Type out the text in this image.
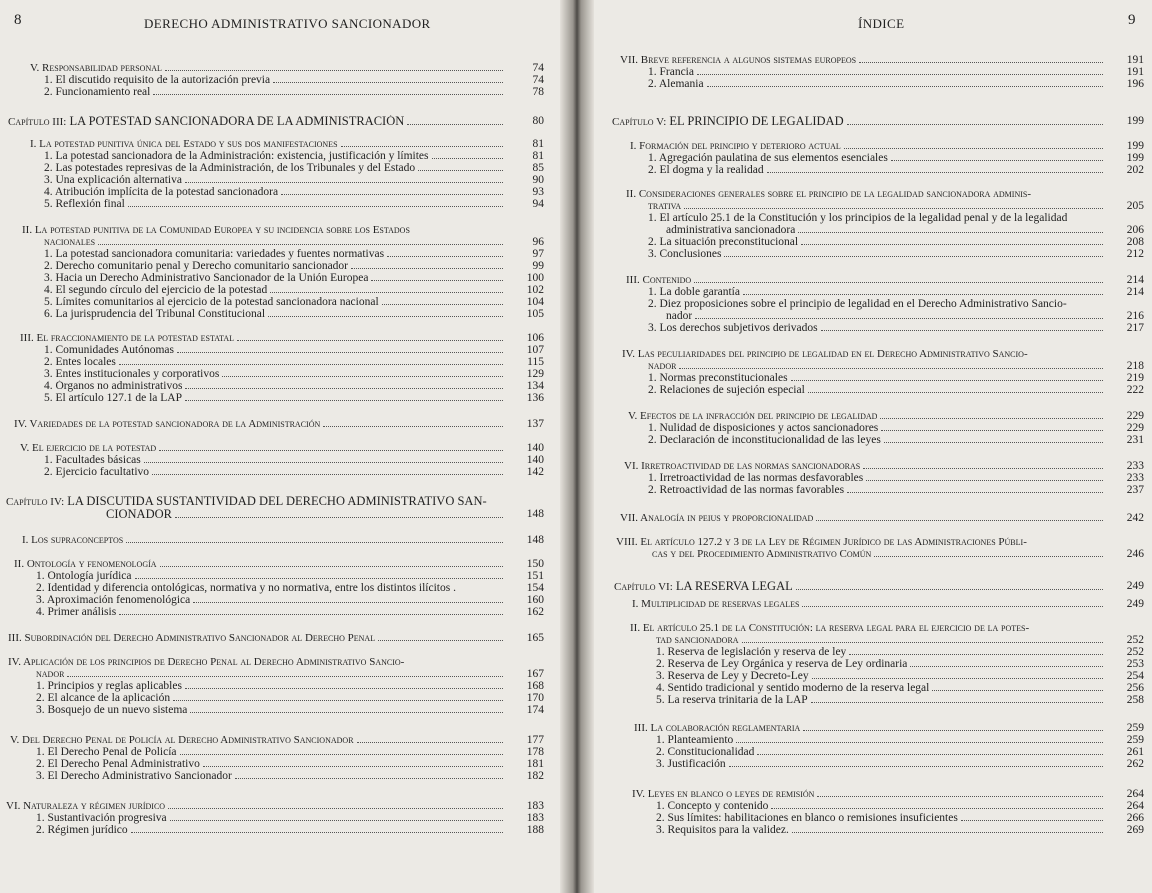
8	DERECHO ADMINISTRATIVO SANCIONADOR
V. Responsabilidad personal	74
1. El discutido requisito de la autorización previa	74
2. Funcionamiento real	78
Capítulo III: LA POTESTAD SANCIONADORA DE LA ADMINISTRACIÓN	80
I. La potestad punitiva única del Estado y sus dos manifestaciones	81
1. La potestad sancionadora de la Administración: existencia, justificación y límites	81
2. Las potestades represivas de la Administración, de los Tribunales y del Estado	85
3. Una explicación alternativa	90
4. Atribución implícita de la potestad sancionadora	93
5. Reflexión final	94
II. La potestad punitiva de la Comunidad Europea y su incidencia sobre los Estados
nacionales	96
1. La potestad sancionadora comunitaria: variedades y fuentes normativas	97
2. Derecho comunitario penal y Derecho comunitario sancionador	99
3. Hacia un Derecho Administrativo Sancionador de la Unión Europea	100
4. El segundo círculo del ejercicio de la potestad	102
5. Límites comunitarios al ejercicio de la potestad sancionadora nacional	104
6. La jurisprudencia del Tribunal Constitucional	105
III. El fraccionamiento de la potestad estatal	106
1. Comunidades Autónomas	107
2. Entes locales	115
3. Entes institucionales y corporativos	129
4. Órganos no administrativos	134
5. El artículo 127.1 de la LAP	136
IV. Variedades de la potestad sancionadora de la Administración	137
V. El ejercicio de la potestad	140
1. Facultades básicas	140
2. Ejercicio facultativo	142
Capítulo IV: LA DISCUTIDA SUSTANTIVIDAD DEL DERECHO ADMINISTRATIVO SAN-
CIONADOR	148
I. Los supraconceptos	148
II. Ontología y fenomenología	150
1. Ontología jurídica	151
2. Identidad y diferencia ontológicas, normativa y no normativa, entre los distintos ilícitos .	154
3. Aproximación fenomenológica	160
4. Primer análisis	162
III. Subordinación del Derecho Administrativo Sancionador al Derecho Penal	165
IV. Aplicación de los principios de Derecho Penal al Derecho Administrativo Sancio-
nador	167
1. Principios y reglas aplicables	168
2. El alcance de la aplicación	170
3. Bosquejo de un nuevo sistema	174
V. Del Derecho Penal de Policía al Derecho Administrativo Sancionador	177
1. El Derecho Penal de Policía	178
2. El Derecho Penal Administrativo	181
3. El Derecho Administrativo Sancionador	182
VI. Naturaleza y régimen jurídico	183
1. Sustantivación progresiva	183
2. Régimen jurídico	188
ÍNDICE	9
VII. Breve referencia a algunos sistemas europeos	191
1. Francia	191
2. Alemania	196
Capítulo V: EL PRINCIPIO DE LEGALIDAD	199
I. Formación del principio y deterioro actual	199
1. Agregación paulatina de sus elementos esenciales	199
2. El dogma y la realidad	202
II. Consideraciones generales sobre el principio de la legalidad sancionadora adminis-
trativa	205
1. El artículo 25.1 de la Constitución y los principios de la legalidad penal y de la legalidad
administrativa sancionadora	206
2. La situación preconstitucional	208
3. Conclusiones	212
III. Contenido	214
1. La doble garantía	214
2. Diez proposiciones sobre el principio de legalidad en el Derecho Administrativo Sancio-
nador	216
3. Los derechos subjetivos derivados	217
IV. Las peculiaridades del principio de legalidad en el Derecho Administrativo Sancio-
nador	218
1. Normas preconstitucionales	219
2. Relaciones de sujeción especial	222
V. Efectos de la infracción del principio de legalidad	229
1. Nulidad de disposiciones y actos sancionadores	229
2. Declaración de inconstitucionalidad de las leyes	231
VI. Irretroactividad de las normas sancionadoras	233
1. Irretroactividad de las normas desfavorables	233
2. Retroactividad de las normas favorables	237
VII. Analogía in peius y proporcionalidad	242
VIII. El artículo 127.2 y 3 de la Ley de Régimen Jurídico de las Administraciones Públi-
cas y del Procedimiento Administrativo Común	246
Capítulo VI: LA RESERVA LEGAL	249
I. Multiplicidad de reservas legales	249
II. El artículo 25.1 de la Constitución: la reserva legal para el ejercicio de la potes-
tad sancionadora	252
1. Reserva de legislación y reserva de ley	252
2. Reserva de Ley Orgánica y reserva de Ley ordinaria	253
3. Reserva de Ley y Decreto-Ley	254
4. Sentido tradicional y sentido moderno de la reserva legal	256
5. La reserva trinitaria de la LAP	258
III. La colaboración reglamentaria	259
1. Planteamiento	259
2. Constitucionalidad	261
3. Justificación	262
IV. Leyes en blanco o leyes de remisión	264
1. Concepto y contenido	264
2. Sus límites: habilitaciones en blanco o remisiones insuficientes	266
3. Requisitos para la validez.	269
